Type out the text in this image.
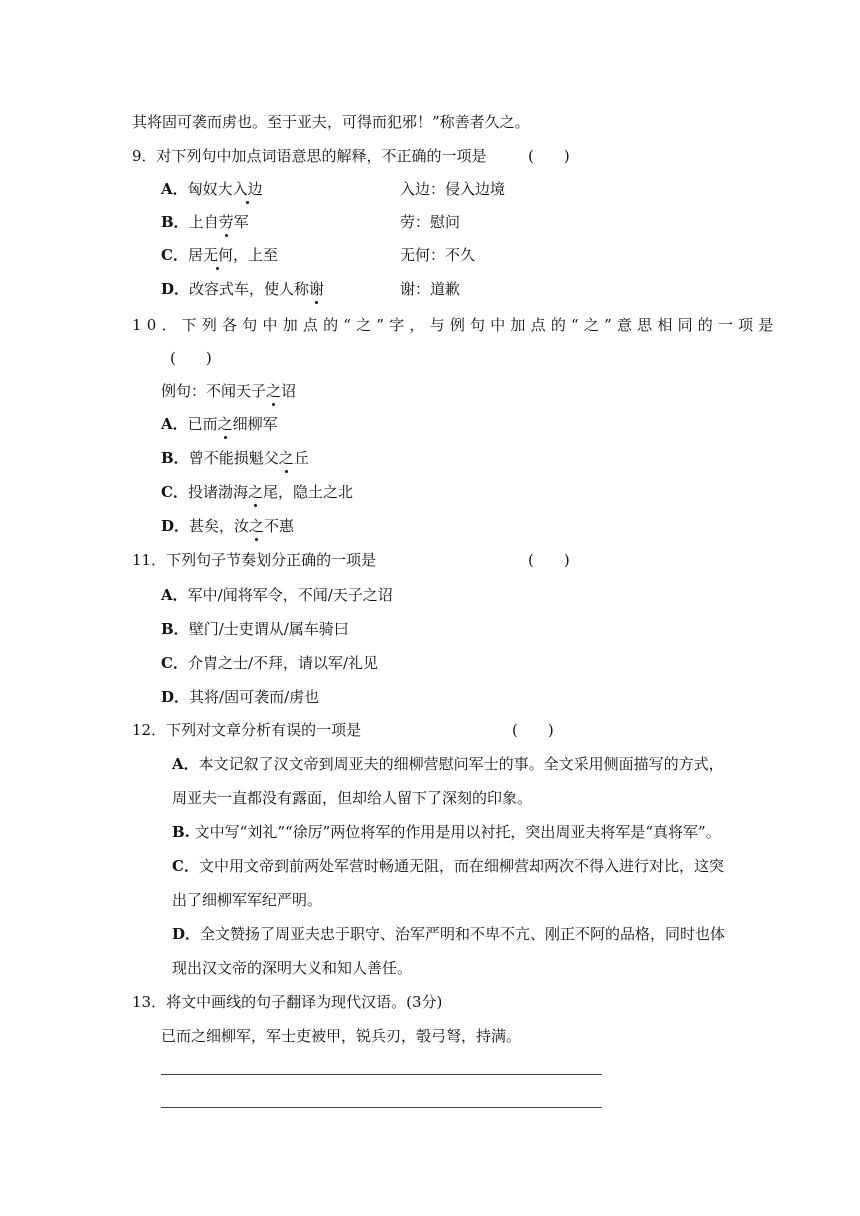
其将固可袭而虏也。至于亚夫，可得而犯邪！”称善者久之。
9．对下列句中加点词语意思的解释，不正确的一项是	(　　)
A．匈奴大入边	入边：侵入边境
B．上自劳军	劳：慰问
C．居无何，上至	无何：不久
D．改容式车，使人称谢	谢：道歉
10．下列各句中加点的“之”字，与例句中加点的“之”意思相同的一项是
(　　)
例句：不闻天子之诏
A．已而之细柳军
B．曾不能损魁父之丘
C．投诸渤海之尾，隐土之北
D．甚矣，汝之不惠
11．下列句子节奏划分正确的一项是	(　　)
A．军中/闻将军令，不闻/天子之诏
B．壁门/士吏谓从/属车骑曰
C．介胄之士/不拜，请以军/礼见
D．其将/固可袭而/虏也
12．下列对文章分析有误的一项是	(　　)
A．本文记叙了汉文帝到周亚夫的细柳营慰问军士的事。全文采用侧面描写的方式，
周亚夫一直都没有露面，但却给人留下了深刻的印象。
B. 文中写“刘礼”“徐厉”两位将军的作用是用以衬托，突出周亚夫将军是“真将军”。
C．文中用文帝到前两处军营时畅通无阻，而在细柳营却两次不得入进行对比，这突
出了细柳军军纪严明。
D．全文赞扬了周亚夫忠于职守、治军严明和不卑不亢、刚正不阿的品格，同时也体
现出汉文帝的深明大义和知人善任。
13．将文中画线的句子翻译为现代汉语。(3分)
已而之细柳军，军士吏被甲，锐兵刃，彀弓弩，持满。
